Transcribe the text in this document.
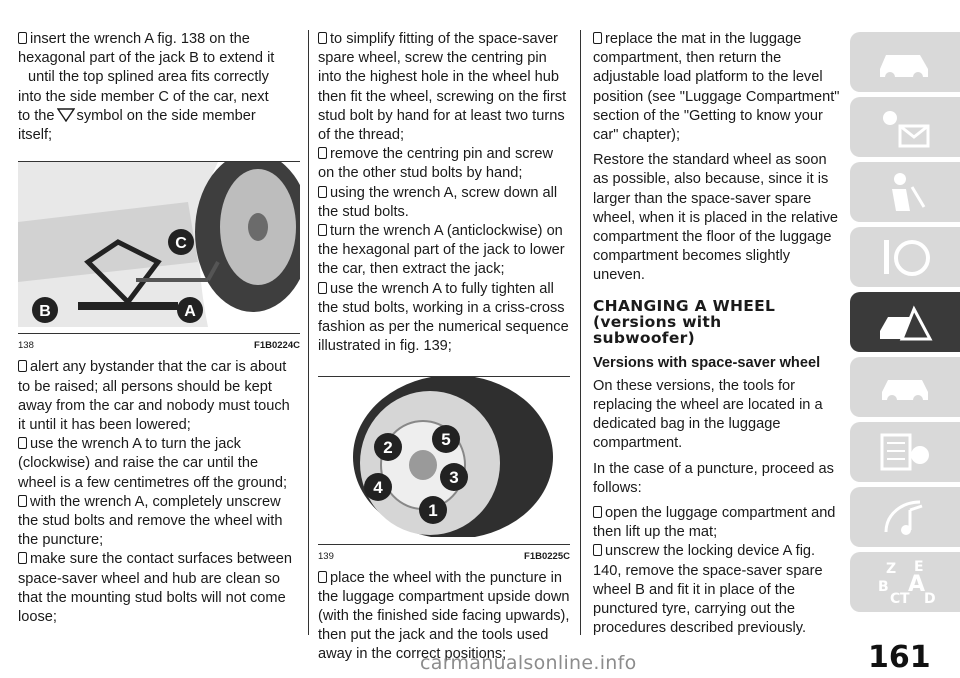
insert the wrench A fig. 138 on the

hexagonal part of the jack B to extend it

until the top splined area fits correctly

into the side member C of the car, next

to the symbol on the side member

itself;

C
B	A
138	F1B0224C

alert any bystander that the car is about to be raised; all persons should be kept away from the car and nobody must touch it until it has been lowered;

use the wrench A to turn the jack (clockwise) and raise the car until the wheel is a few centimetres off the ground;

with the wrench A, completely unscrew the stud bolts and remove the wheel with the puncture;

make sure the contact surfaces between space-saver wheel and hub are clean so that the mounting stud bolts will not come loose;

to simplify fitting of the space-saver spare wheel, screw the centring pin into the highest hole in the wheel hub then fit the wheel, screwing on the first stud bolt by hand for at least two turns of the thread;

remove the centring pin and screw on the other stud bolts by hand;

using the wrench A, screw down all the stud bolts.

turn the wrench A (anticlockwise) on the hexagonal part of the jack to lower the car, then extract the jack;

use the wrench A to fully tighten all the stud bolts, working in a criss-cross fashion as per the numerical sequence illustrated in fig. 139;

2	5
4
3
1
139	F1B0225C

place the wheel with the puncture in the luggage compartment upside down (with the finished side facing upwards), then put the jack and the tools used away in the correct positions;

replace the mat in the luggage compartment, then return the adjustable load platform to the level position (see "Luggage Compartment" section of the "Getting to know your car" chapter);

Restore the standard wheel as soon as possible, also because, since it is larger than the space-saver spare wheel, when it is placed in the relative compartment the floor of the luggage compartment becomes slightly uneven.

CHANGING A WHEEL
(versions with
subwoofer)

Versions with space-saver wheel

On these versions, the tools for replacing the wheel are located in a dedicated bag in the luggage compartment.

In the case of a puncture, proceed as follows:

open the luggage compartment and then lift up the mat;

unscrew the locking device A fig. 140, remove the space-saver spare wheel B and fit it in place of the punctured tyre, carrying out the procedures described previously.

Z E
B A
C T D
carmanualsonline.info	161
